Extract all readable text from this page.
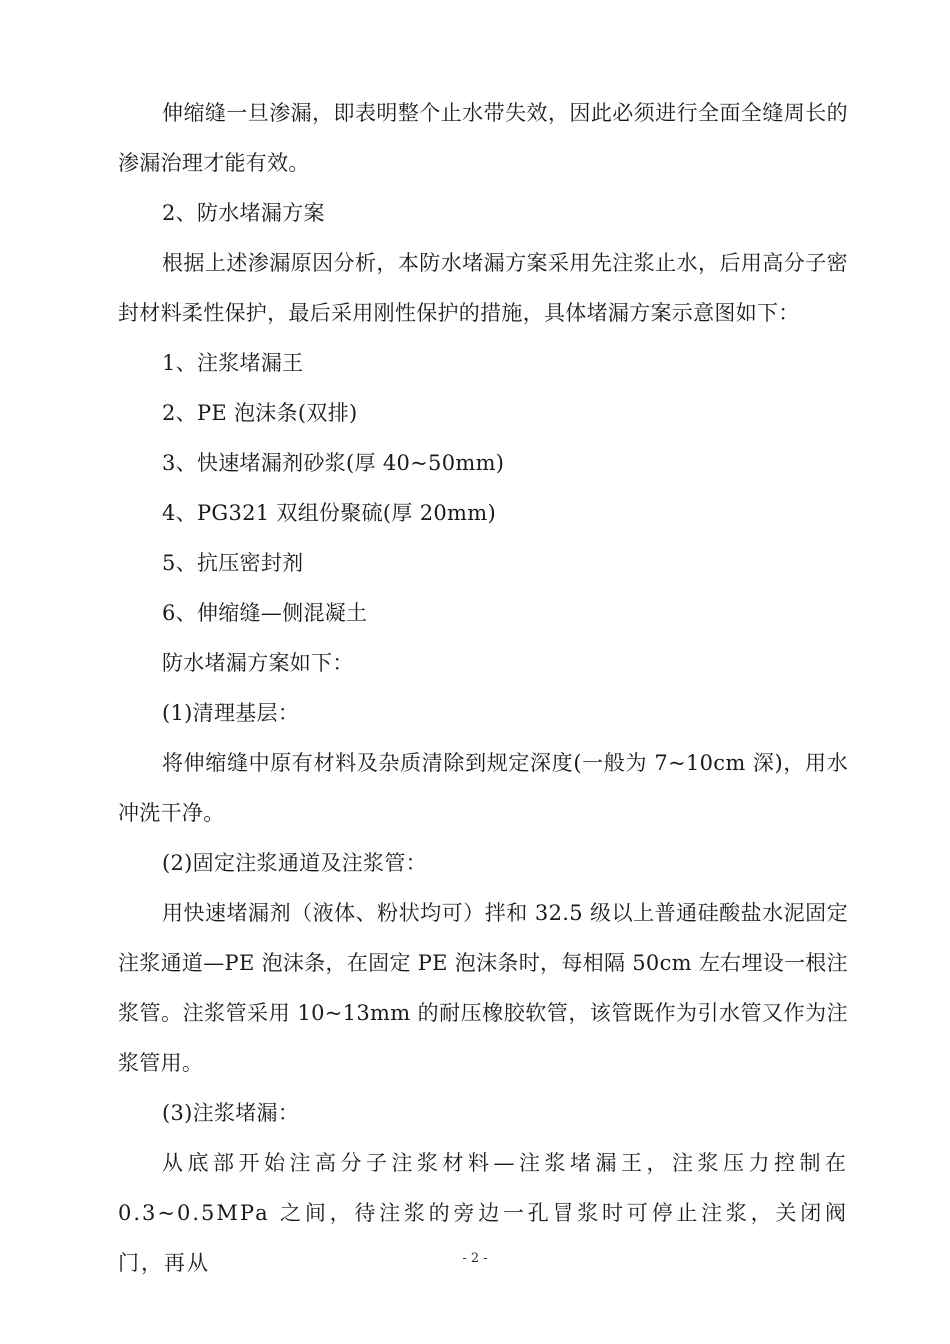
伸缩缝一旦渗漏，即表明整个止水带失效，因此必须进行全面全缝周长的渗漏治理才能有效。

2、防水堵漏方案

根据上述渗漏原因分析，本防水堵漏方案采用先注浆止水，后用高分子密封材料柔性保护，最后采用刚性保护的措施，具体堵漏方案示意图如下：

1、注浆堵漏王

2、PE 泡沫条(双排)

3、快速堵漏剂砂浆(厚 40~50mm)

4、PG321 双组份聚硫(厚 20mm)

5、抗压密封剂

6、伸缩缝—侧混凝土

防水堵漏方案如下：

(1)清理基层：

将伸缩缝中原有材料及杂质清除到规定深度(一般为 7~10cm 深)，用水冲洗干净。

(2)固定注浆通道及注浆管：

用快速堵漏剂（液体、粉状均可）拌和 32.5 级以上普通硅酸盐水泥固定注浆通道—PE 泡沫条，在固定 PE 泡沫条时，每相隔 50cm 左右埋设一根注浆管。注浆管采用 10~13mm 的耐压橡胶软管，该管既作为引水管又作为注浆管用。

(3)注浆堵漏：

从底部开始注高分子注浆材料—注浆堵漏王，注浆压力控制在 0.3~0.5MPa 之间，待注浆的旁边一孔冒浆时可停止注浆，关闭阀门，再从	- 2 -
